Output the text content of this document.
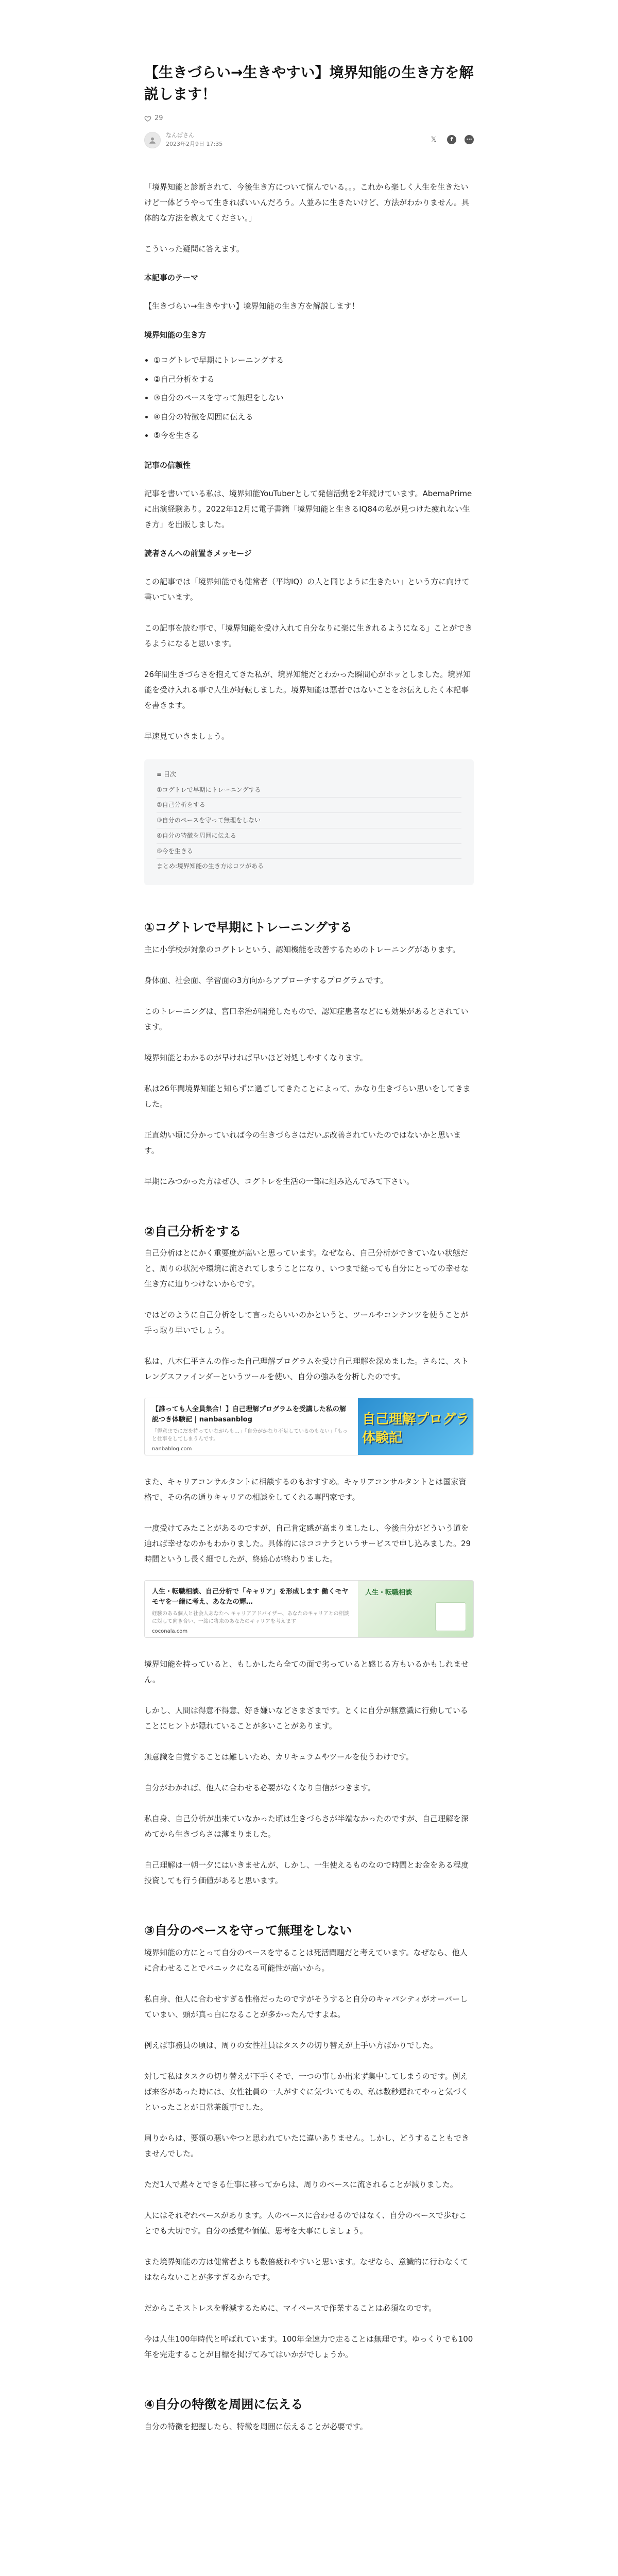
【生きづらい→生きやすい】境界知能の生き方を解説します！
29
なんばさん
2023年2月9日 17:35	𝕏	f	⋯

「境界知能と診断されて、今後生き方について悩んでいる。。。これから楽しく人生を生きたいけど一体どうやって生きればいいんだろう。人並みに生きたいけど、方法がわかりません。具体的な方法を教えてください。」

こういった疑問に答えます。

本記事のテーマ

【生きづらい→生きやすい】境界知能の生き方を解説します！

境界知能の生き方

①コグトレで早期にトレーニングする
②自己分析をする
③自分のペースを守って無理をしない
④自分の特徴を周囲に伝える
⑤今を生きる

記事の信頼性

記事を書いている私は、境界知能YouTuberとして発信活動を2年続けています。AbemaPrimeに出演経験あり。2022年12月に電子書籍「境界知能と生きるIQ84の私が見つけた疲れない生き方」を出版しました。

読者さんへの前置きメッセージ

この記事では「境界知能でも健常者（平均IQ）の人と同じように生きたい」という方に向けて書いています。

この記事を読む事で、「境界知能を受け入れて自分なりに楽に生きれるようになる」ことができるようになると思います。

26年間生きづらさを抱えてきた私が、境界知能だとわかった瞬間心がホッとしました。境界知能を受け入れる事で人生が好転しました。境界知能は悪者ではないことをお伝えしたく本記事を書きます。

早速見ていきましょう。

≡ 目次
①コグトレで早期にトレーニングする
②自己分析をする
③自分のペースを守って無理をしない
④自分の特徴を周囲に伝える
⑤今を生きる
まとめ:境界知能の生き方はコツがある
①コグトレで早期にトレーニングする

主に小学校が対象のコグトレという、認知機能を改善するためのトレーニングがあります。

身体面、社会面、学習面の3方向からアプローチするプログラムです。

このトレーニングは、宮口幸治が開発したもので、認知症患者などにも効果があるとされています。

境界知能とわかるのが早ければ早いほど対処しやすくなります。

私は26年間境界知能と知らずに過ごしてきたことによって、かなり生きづらい思いをしてきました。

正直幼い頃に分かっていれば今の生きづらさはだいぶ改善されていたのではないかと思います。

早期にみつかった方はぜひ、コグトレを生活の一部に組み込んでみて下さい。

②自己分析をする

自己分析はとにかく重要度が高いと思っています。なぜなら、自己分析ができていない状態だと、周りの状況や環境に流されてしまうことになり、いつまで経っても自分にとっての幸せな生き方に辿りつけないからです。

ではどのように自己分析をして言ったらいいのかというと、ツールやコンテンツを使うことが手っ取り早いでしょう。

私は、八木仁平さんの作った自己理解プログラムを受け自己理解を深めました。さらに、ストレングスファインダーというツールを使い、自分の強みを分析したのです。

【誰っても人全員集合！】自己理解プログラムを受講した私の解説つき体験記 | nanbasanblog
「得意までにだを持っていながらも…」「自分がかなり不足しているのもない」「もっと仕事をしてしまうんです。
nanbablog.com
自己理解プログラ体験記

また、キャリアコンサルタントに相談するのもおすすめ。キャリアコンサルタントとは国家資格で、その名の通りキャリアの相談をしてくれる専門家です。

一度受けてみたことがあるのですが、自己肯定感が高まりましたし、今後自分がどういう道を辿れば幸せなのかもわかりました。具体的にはココナラというサービスで申し込みました。29時間というし長く細でしたが、終始心が終わりました。

人生・転職相談、自己分析で「キャリア」を形成します 働くモヤモヤを一緒に考え、あなたの輝…
経験のある個人と社会人あなたへ キャリアアドバイザー、あなたのキャリアとの相談に対して向き合い、一緒に将来のあなたのキャリアを考えます
coconala.com
人生・転職相談

境界知能を持っていると、もしかしたら全ての面で劣っていると感じる方もいるかもしれません。

しかし、人間は得意不得意、好き嫌いなどさまざまです。とくに自分が無意識に行動していることにヒントが隠れていることが多いことがあります。

無意識を自覚することは難しいため、カリキュラムやツールを使うわけです。

自分がわかれば、他人に合わせる必要がなくなり自信がつきます。

私自身、自己分析が出来ていなかった頃は生きづらさが半端なかったのですが、自己理解を深めてから生きづらさは薄まりました。

自己理解は一朝一夕にはいきませんが、しかし、一生使えるものなので時間とお金をある程度投資しても行う価値があると思います。

③自分のペースを守って無理をしない

境界知能の方にとって自分のペースを守ることは死活問題だと考えています。なぜなら、他人に合わせることでパニックになる可能性が高いから。

私自身、他人に合わせすぎる性格だったのですがそうすると自分のキャパシティがオーバーしていまい、頭が真っ白になることが多かったんですよね。

例えば事務員の頃は、周りの女性社員はタスクの切り替えが上手い方ばかりでした。

対して私はタスクの切り替えが下手くそで、一つの事しか出来ず集中してしまうのです。例えば来客があった時には、女性社員の一人がすぐに気づいてもの、私は数秒遅れてやっと気づくといったことが日常茶飯事でした。

周りからは、要領の悪いやつと思われていたに違いありません。しかし、どうすることもできませんでした。

ただ1人で黙々とできる仕事に移ってからは、周りのペースに流されることが減りました。

人にはそれぞれペースがあります。人のペースに合わせるのではなく、自分のペースで歩むことでも大切です。自分の感覚や価値、思考を大事にしましょう。

また境界知能の方は健常者よりも数倍疲れやすいと思います。なぜなら、意識的に行わなくてはならないことが多すぎるからです。

だからこそストレスを軽減するために、マイペースで作業することは必須なのです。

今は人生100年時代と呼ばれています。100年全速力で走ることは無理です。ゆっくりでも100年を完走することが目標を掲げてみてはいかがでしょうか。

④自分の特徴を周囲に伝える

自分の特徴を把握したら、特徴を周囲に伝えることが必要です。
